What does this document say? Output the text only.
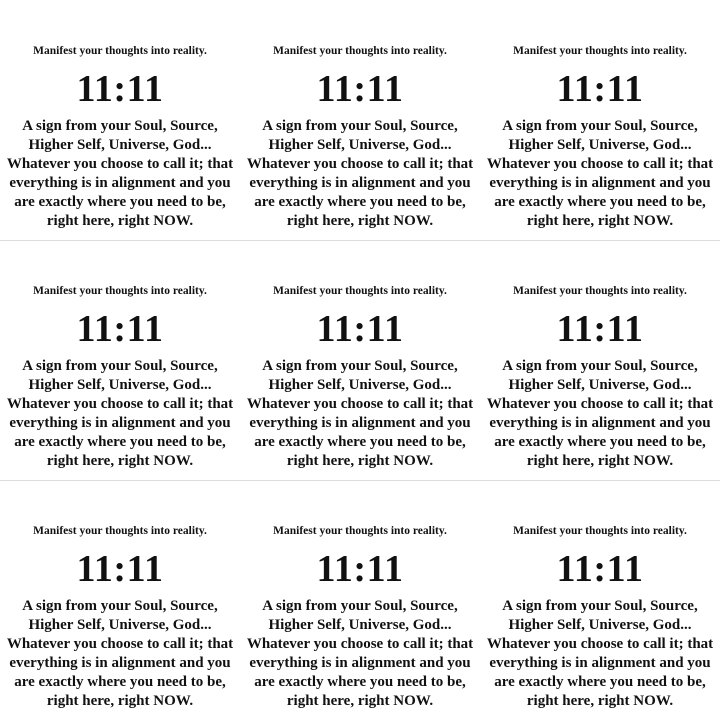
Manifest your thoughts into reality.
11:11
A sign from your Soul, Source,
Higher Self, Universe, God...
Whatever you choose to call it; that
everything is in alignment and you
are exactly where you need to be,
right here, right NOW.
Manifest your thoughts into reality.
11:11
A sign from your Soul, Source,
Higher Self, Universe, God...
Whatever you choose to call it; that
everything is in alignment and you
are exactly where you need to be,
right here, right NOW.
Manifest your thoughts into reality.
11:11
A sign from your Soul, Source,
Higher Self, Universe, God...
Whatever you choose to call it; that
everything is in alignment and you
are exactly where you need to be,
right here, right NOW.
Manifest your thoughts into reality.
11:11
A sign from your Soul, Source,
Higher Self, Universe, God...
Whatever you choose to call it; that
everything is in alignment and you
are exactly where you need to be,
right here, right NOW.
Manifest your thoughts into reality.
11:11
A sign from your Soul, Source,
Higher Self, Universe, God...
Whatever you choose to call it; that
everything is in alignment and you
are exactly where you need to be,
right here, right NOW.
Manifest your thoughts into reality.
11:11
A sign from your Soul, Source,
Higher Self, Universe, God...
Whatever you choose to call it; that
everything is in alignment and you
are exactly where you need to be,
right here, right NOW.
Manifest your thoughts into reality.
11:11
A sign from your Soul, Source,
Higher Self, Universe, God...
Whatever you choose to call it; that
everything is in alignment and you
are exactly where you need to be,
right here, right NOW.
Manifest your thoughts into reality.
11:11
A sign from your Soul, Source,
Higher Self, Universe, God...
Whatever you choose to call it; that
everything is in alignment and you
are exactly where you need to be,
right here, right NOW.
Manifest your thoughts into reality.
11:11
A sign from your Soul, Source,
Higher Self, Universe, God...
Whatever you choose to call it; that
everything is in alignment and you
are exactly where you need to be,
right here, right NOW.
